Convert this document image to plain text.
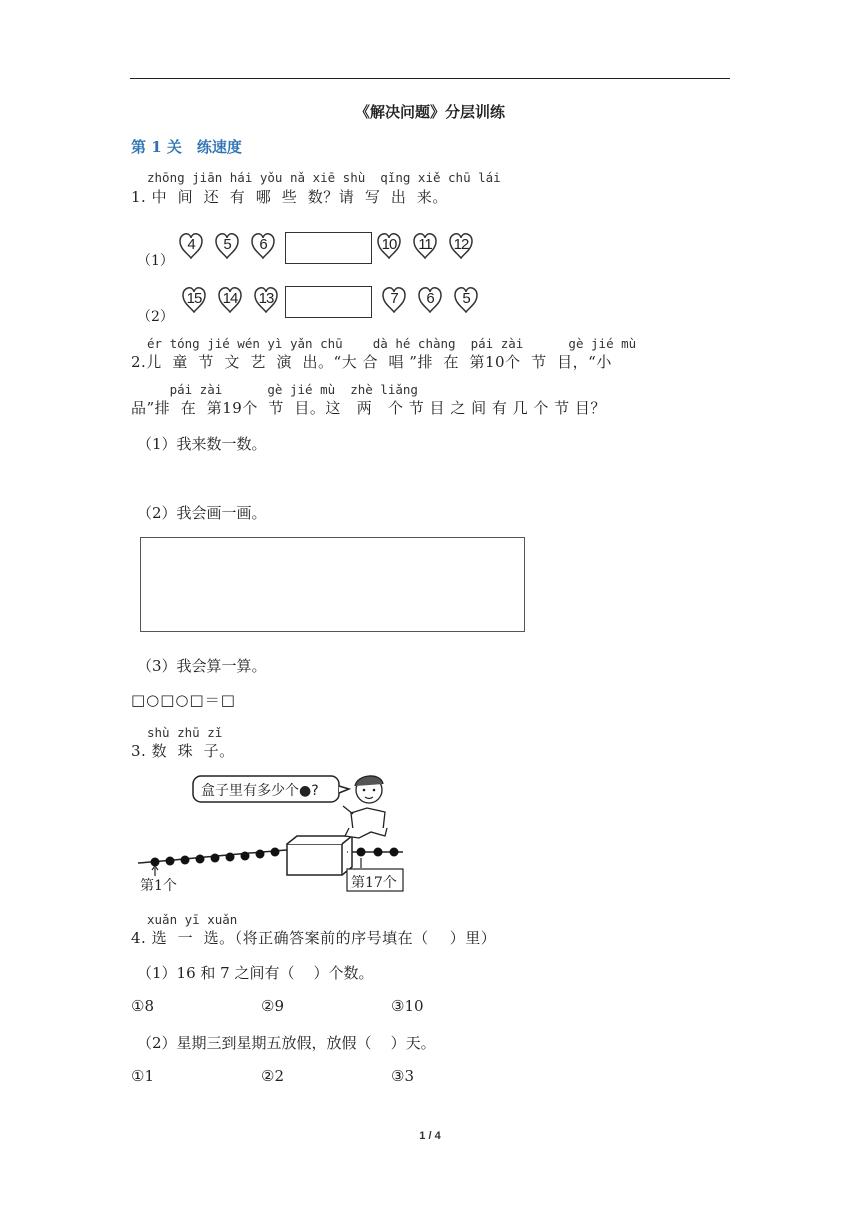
《解决问题》分层训练
第 1 关　练速度
zhōng jiān hái yǒu nǎ xiē shù  qǐng xiě chū lái
1. 中  间  还  有  哪  些  数？请  写  出  来。
（1）
4	5	6	10	11	12
（2）
15	14	13	7	6	5
ér tóng jié wén yì yǎn chū    dà hé chàng  pái zài      gè jié mù
2.儿  童  节  文  艺  演  出。“大 合  唱 ”排  在  第10个  节  目，“小
pái zài      gè jié mù  zhè liǎng
品”排  在  第19个  节  目。这   两   个 节 目 之 间 有 几 个 节 目？
（1）我来数一数。
（2）我会画一画。
（3）我会算一算。
□○□○□＝□
shù zhū zǐ
3. 数  珠  子。
盒子里有多少个●?
第1个	第17个
xuǎn yī xuǎn
4. 选  一  选。（将正确答案前的序号填在（    ）里）
（1）16 和 7 之间有（    ）个数。
①8	②9	③10
（2）星期三到星期五放假，放假（    ）天。
①1	②2	③3
1 / 4
